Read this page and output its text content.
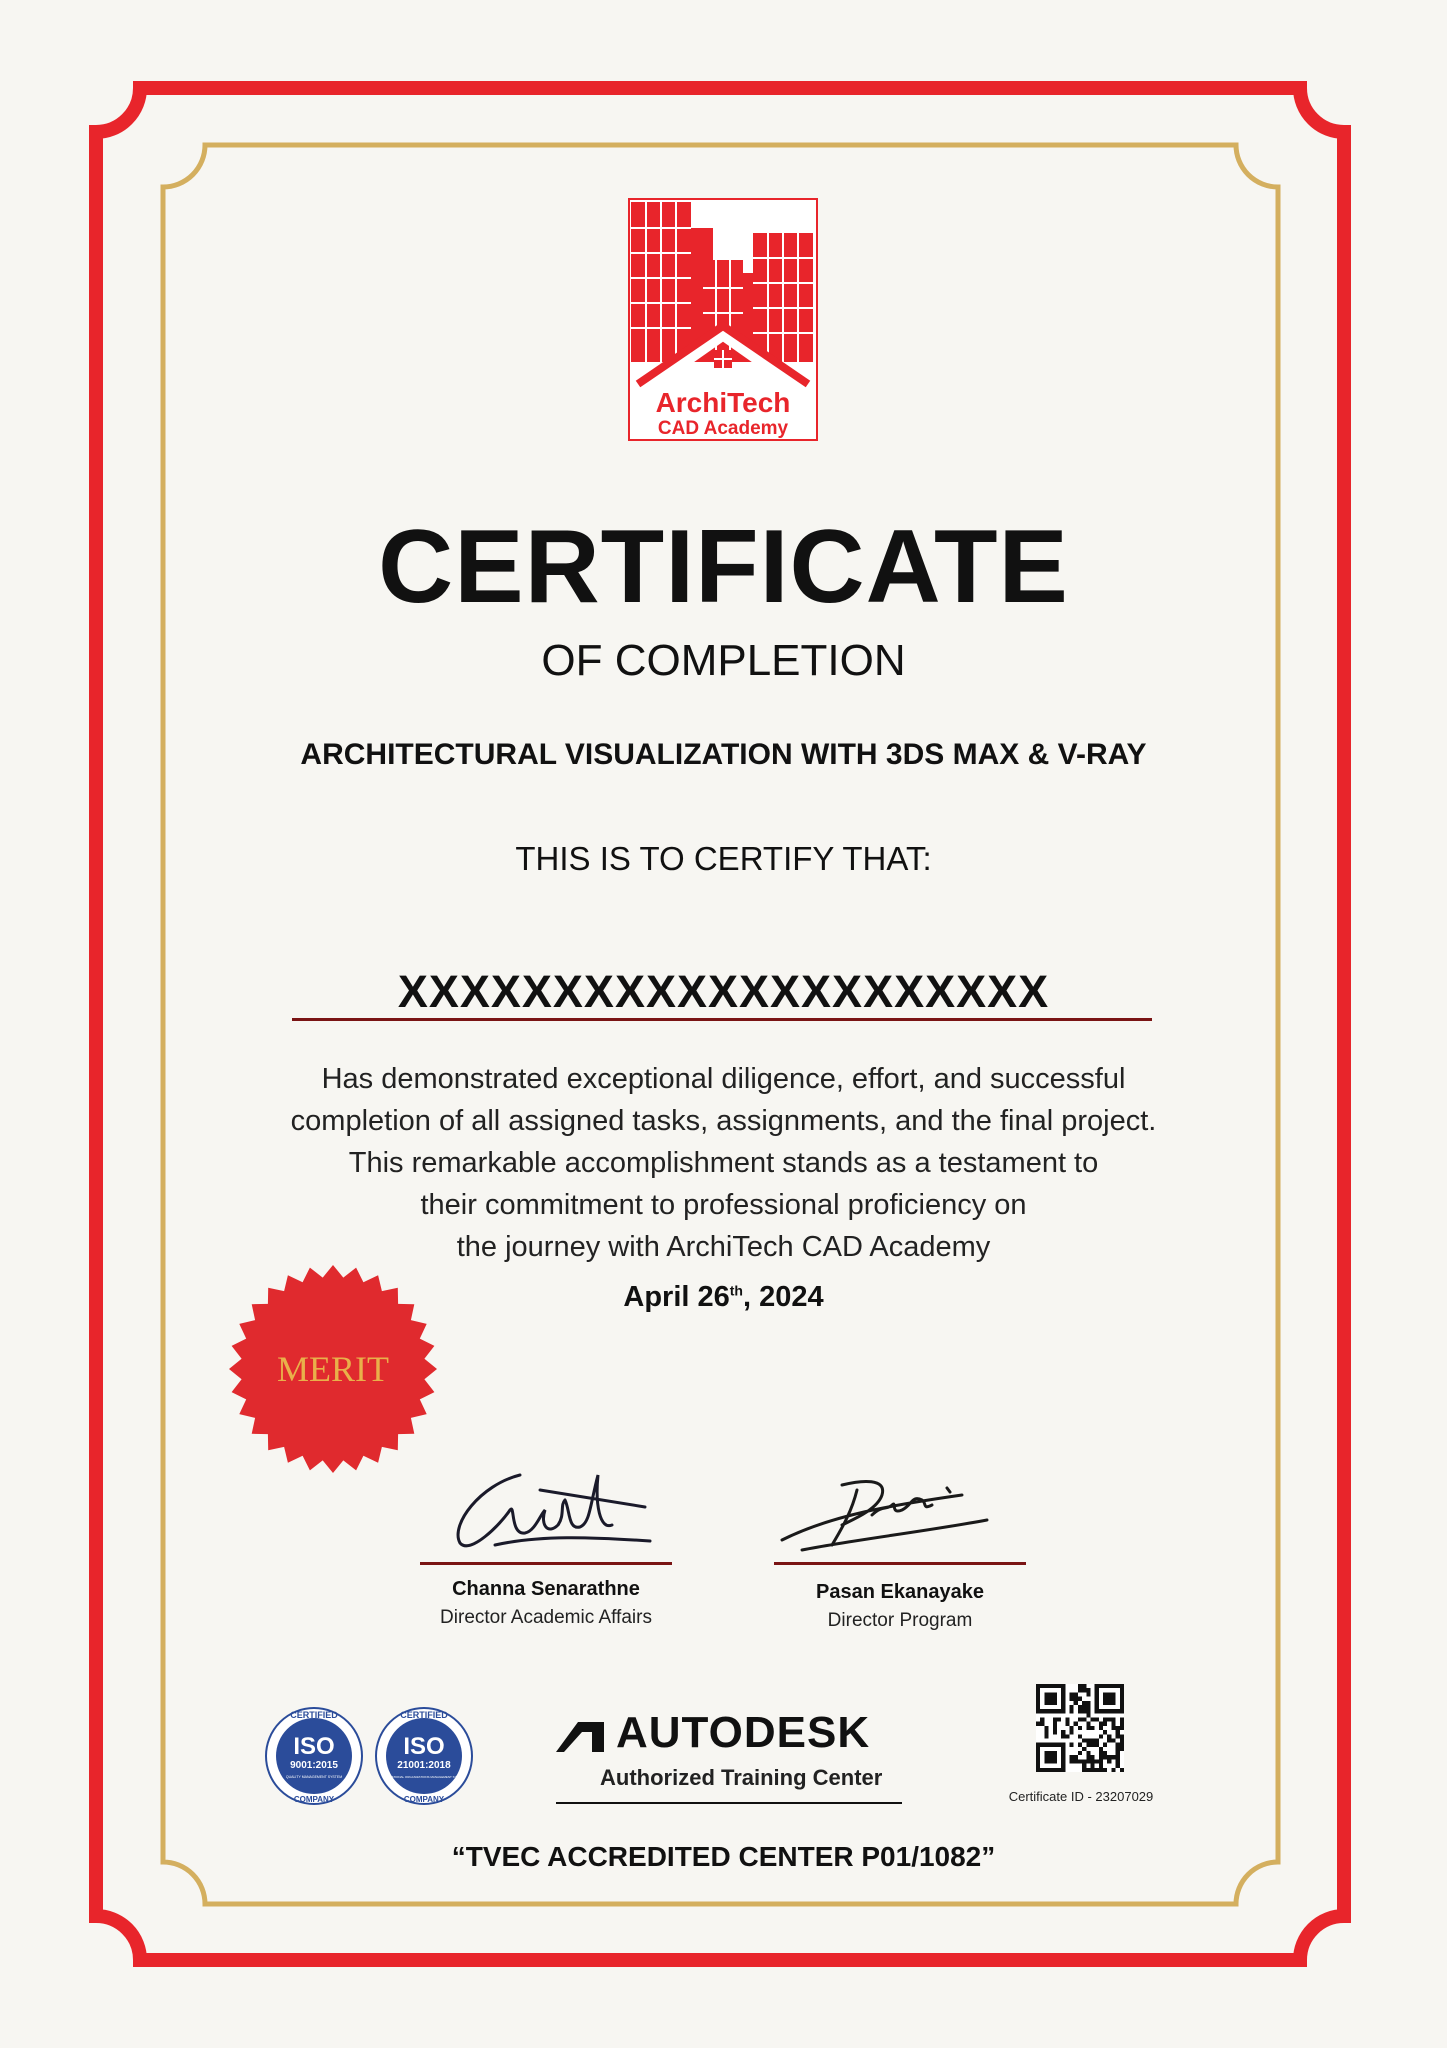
ArchiTech
CAD Academy
CERTIFICATE
OF COMPLETION
ARCHITECTURAL VISUALIZATION WITH 3DS MAX & V-RAY
THIS IS TO CERTIFY THAT:
XXXXXXXXXXXXXXXXXXXXX
Has demonstrated exceptional diligence, effort, and successful
completion of all assigned tasks, assignments, and the final project.
This remarkable accomplishment stands as a testament to
their commitment to professional proficiency on
the journey with ArchiTech CAD Academy
April 26th, 2024
MERIT
Channa Senarathne
Director Academic Affairs
Pasan Ekanayake
Director Program
CERTIFIED
ISO
9001:2015
QUALITY MANAGEMENT SYSTEM
COMPANY
CERTIFIED
ISO
21001:2018
EDUCATIONAL ORGANIZATIONS MANAGEMENT SYSTEM
COMPANY
AUTODESK
Authorized Training Center
Certificate ID - 23207029
“TVEC ACCREDITED CENTER P01/1082”
